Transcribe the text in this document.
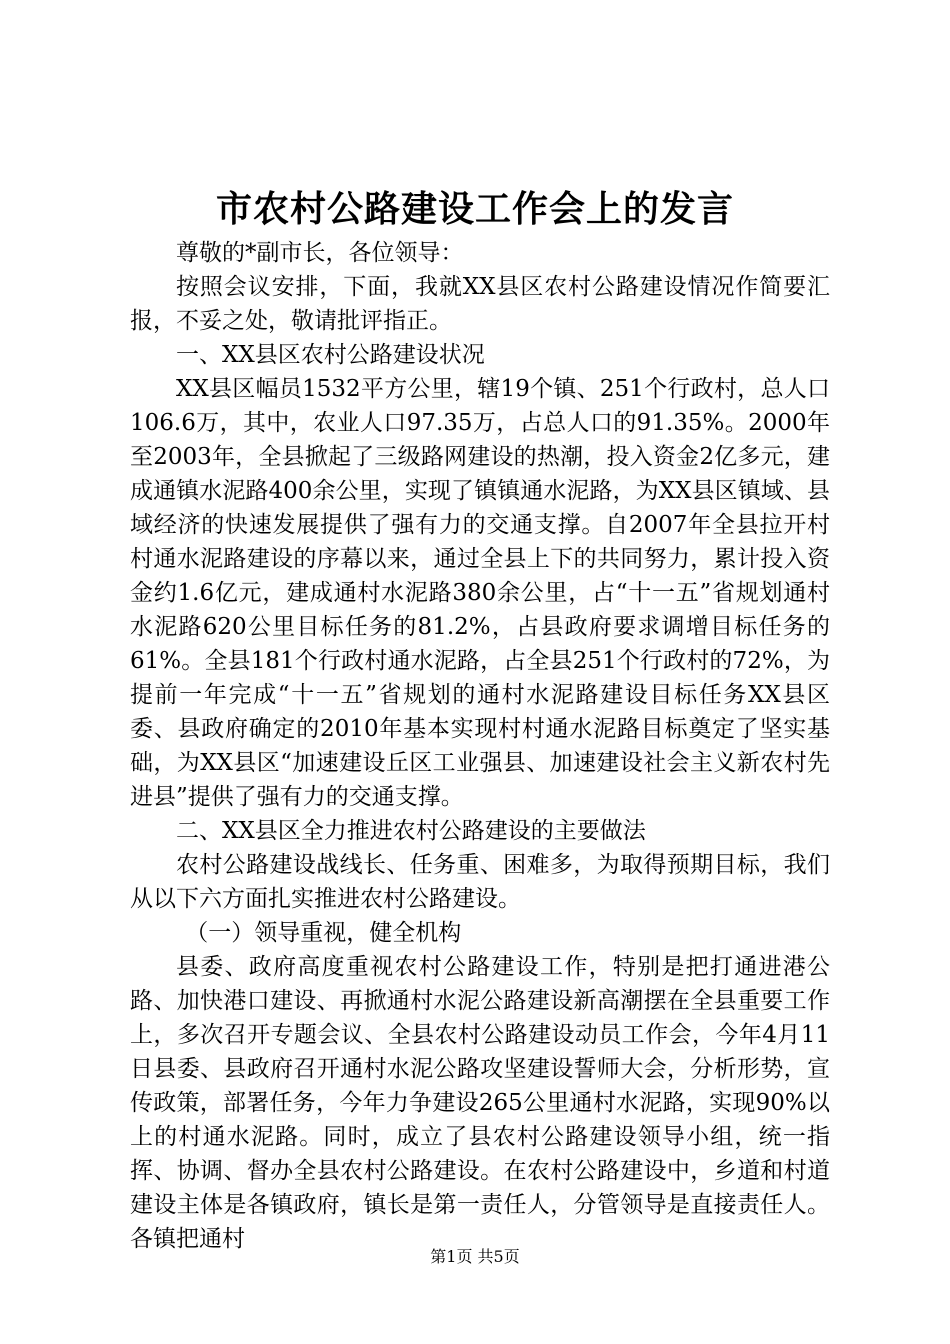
市农村公路建设工作会上的发言

尊敬的*副市长，各位领导：

按照会议安排，下面，我就XX县区农村公路建设情况作简要汇报，不妥之处，敬请批评指正。

一、XX县区农村公路建设状况

XX县区幅员1532平方公里，辖19个镇、251个行政村，总人口106.6万，其中，农业人口97.35万，占总人口的91.35%。2000年至2003年，全县掀起了三级路网建设的热潮，投入资金2亿多元，建成通镇水泥路400余公里，实现了镇镇通水泥路，为XX县区镇域、县域经济的快速发展提供了强有力的交通支撑。自2007年全县拉开村村通水泥路建设的序幕以来，通过全县上下的共同努力，累计投入资金约1.6亿元，建成通村水泥路380余公里，占“十一五”省规划通村水泥路620公里目标任务的81.2%，占县政府要求调增目标任务的61%。全县181个行政村通水泥路，占全县251个行政村的72%，为提前一年完成“十一五”省规划的通村水泥路建设目标任务XX县区委、县政府确定的2010年基本实现村村通水泥路目标奠定了坚实基础，为XX县区“加速建设丘区工业强县、加速建设社会主义新农村先进县”提供了强有力的交通支撑。

二、XX县区全力推进农村公路建设的主要做法

农村公路建设战线长、任务重、困难多，为取得预期目标，我们从以下六方面扎实推进农村公路建设。

（一）领导重视，健全机构

县委、政府高度重视农村公路建设工作，特别是把打通进港公路、加快港口建设、再掀通村水泥公路建设新高潮摆在全县重要工作上，多次召开专题会议、全县农村公路建设动员工作会，今年4月11日县委、县政府召开通村水泥公路攻坚建设誓师大会，分析形势，宣传政策，部署任务，今年力争建设265公里通村水泥路，实现90%以上的村通水泥路。同时，成立了县农村公路建设领导小组，统一指挥、协调、督办全县农村公路建设。在农村公路建设中，乡道和村道建设主体是各镇政府，镇长是第一责任人，分管领导是直接责任人。各镇把通村

第1页 共5页
